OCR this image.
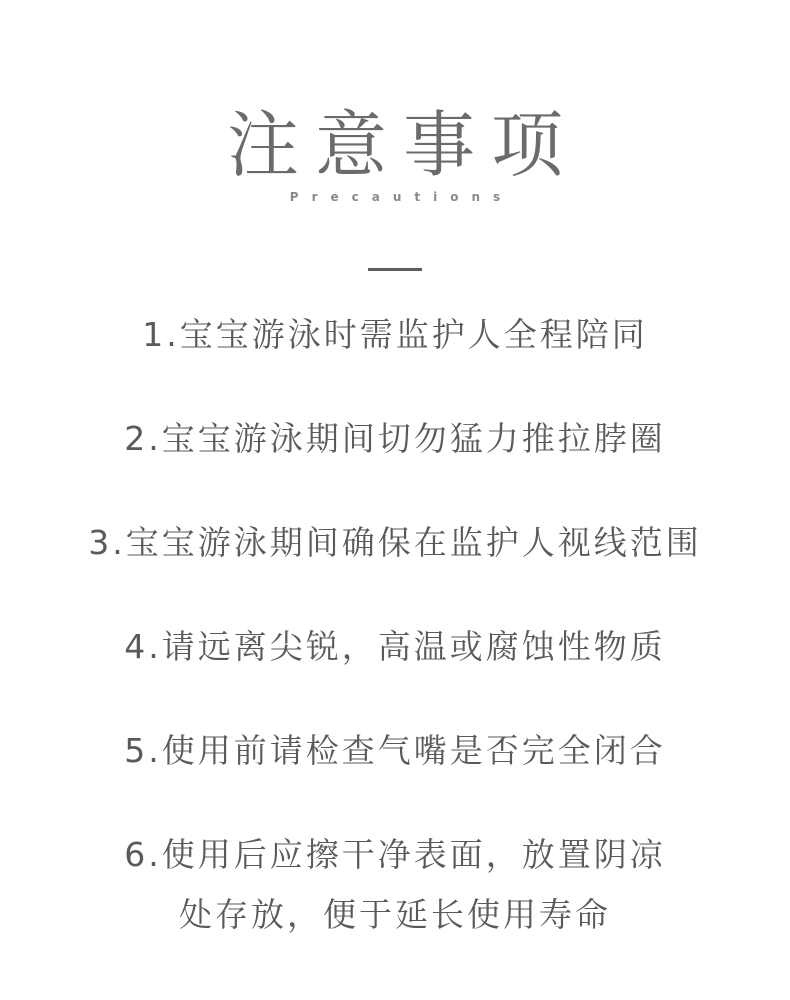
注意事项
Precautions
1.宝宝游泳时需监护人全程陪同
2.宝宝游泳期间切勿猛力推拉脖圈
3.宝宝游泳期间确保在监护人视线范围
4.请远离尖锐，高温或腐蚀性物质
5.使用前请检查气嘴是否完全闭合
6.使用后应擦干净表面，放置阴凉
处存放，便于延长使用寿命
